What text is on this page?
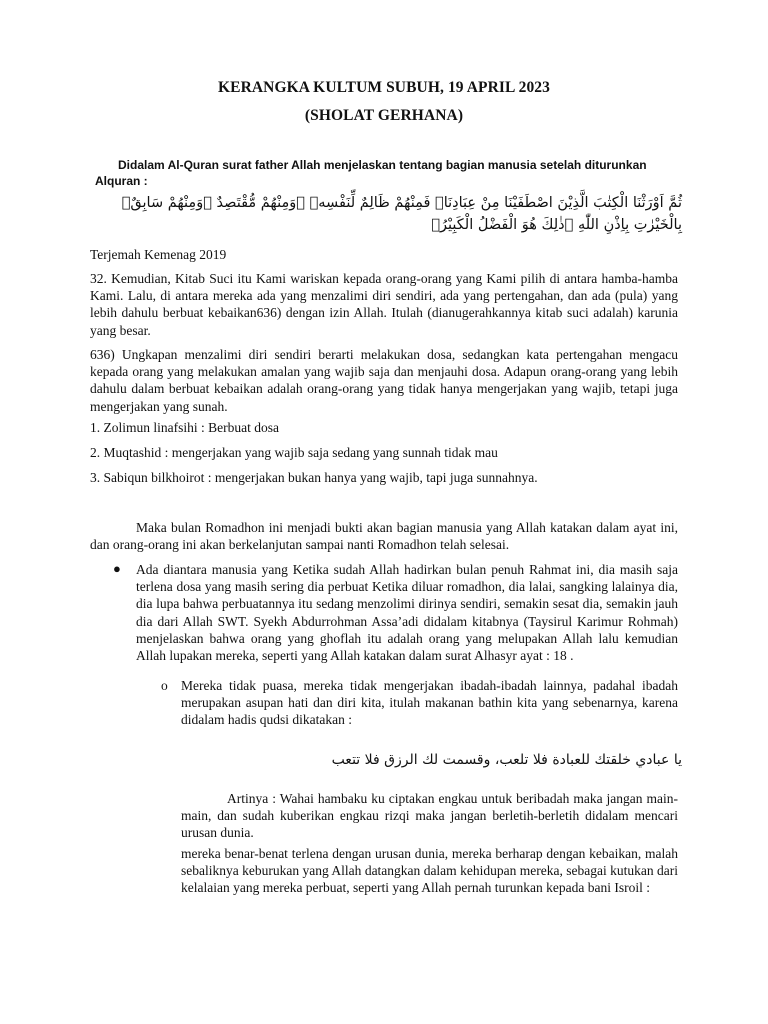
KERANGKA KULTUM SUBUH, 19 APRIL 2023
(SHOLAT GERHANA)
Didalam Al-Quran surat father Allah menjelaskan tentang bagian manusia setelah diturunkan
Alquran :
ثُمَّ اَوْرَثْنَا الْكِتٰبَ الَّذِيْنَ اصْطَفَيْنَا مِنْ عِبَادِنَاۚ فَمِنْهُمْ ظَالِمٌ لِّنَفْسِهٖ ۚوَمِنْهُمْ مُّقْتَصِدٌ ۚوَمِنْهُمْ سَابِقٌۢ بِالْخَيْرٰتِ بِاِذْنِ اللّٰهِ ۗذٰلِكَ هُوَ الْفَضْلُ الْكَبِيْرُۗ
Terjemah Kemenag 2019
32. Kemudian, Kitab Suci itu Kami wariskan kepada orang-orang yang Kami pilih di antara hamba-hamba Kami. Lalu, di antara mereka ada yang menzalimi diri sendiri, ada yang pertengahan, dan ada (pula) yang lebih dahulu berbuat kebaikan636) dengan izin Allah. Itulah (dianugerahkannya kitab suci adalah) karunia yang besar.
636) Ungkapan menzalimi diri sendiri berarti melakukan dosa, sedangkan kata pertengahan mengacu kepada orang yang melakukan amalan yang wajib saja dan menjauhi dosa. Adapun orang-orang yang lebih dahulu dalam berbuat kebaikan adalah orang-orang yang tidak hanya mengerjakan yang wajib, tetapi juga mengerjakan yang sunah.
1. Zolimun linafsihi : Berbuat dosa
2. Muqtashid : mengerjakan yang wajib saja sedang yang sunnah tidak mau
3. Sabiqun bilkhoirot : mengerjakan bukan hanya yang wajib, tapi juga sunnahnya.
Maka bulan Romadhon ini menjadi bukti akan bagian manusia yang Allah katakan dalam ayat ini, dan orang-orang ini akan berkelanjutan sampai nanti Romadhon telah selesai.
● Ada diantara manusia yang Ketika sudah Allah hadirkan bulan penuh Rahmat ini, dia masih saja terlena dosa yang masih sering dia perbuat Ketika diluar romadhon, dia lalai, sangking lalainya dia, dia lupa bahwa perbuatannya itu sedang menzolimi dirinya sendiri, semakin sesat dia, semakin jauh dia dari Allah SWT. Syekh Abdurrohman Assa’adi didalam kitabnya (Taysirul Karimur Rohmah) menjelaskan bahwa orang yang ghoflah itu adalah orang yang melupakan Allah lalu kemudian Allah lupakan mereka, seperti yang Allah katakan dalam surat Alhasyr ayat : 18 .
o Mereka tidak puasa, mereka tidak mengerjakan ibadah-ibadah lainnya, padahal ibadah merupakan asupan hati dan diri kita, itulah makanan bathin kita yang sebenarnya, karena didalam hadis qudsi dikatakan :
يا عبادي خلقتك للعبادة فلا تلعب، وقسمت لك الرزق فلا تتعب
Artinya : Wahai hambaku ku ciptakan engkau untuk beribadah maka jangan main-main, dan sudah kuberikan engkau rizqi maka jangan berletih-berletih didalam mencari urusan dunia.
mereka benar-benat terlena dengan urusan dunia, mereka berharap dengan kebaikan, malah sebaliknya keburukan yang Allah datangkan dalam kehidupan mereka, sebagai kutukan dari kelalaian yang mereka perbuat, seperti yang Allah pernah turunkan kepada bani Isroil :
